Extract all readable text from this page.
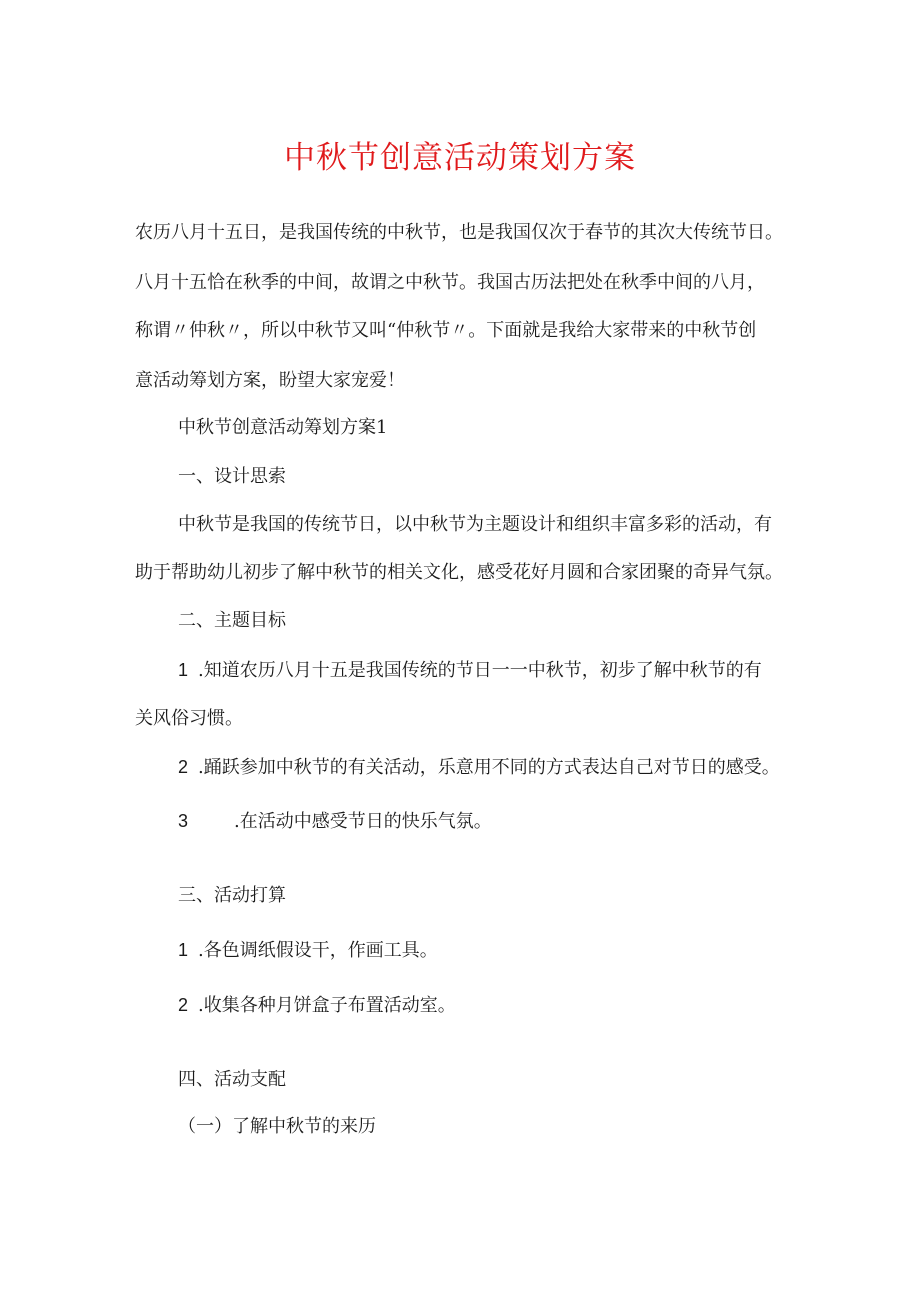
中秋节创意活动策划方案

农历八月十五日，是我国传统的中秋节，也是我国仅次于春节的其次大传统节日。

八月十五恰在秋季的中间，故谓之中秋节。我国古历法把处在秋季中间的八月，

称谓〃仲秋〃，所以中秋节又叫“仲秋节〃。下面就是我给大家带来的中秋节创

意活动筹划方案，盼望大家宠爱！

中秋节创意活动筹划方案1

一、设计思索

中秋节是我国的传统节日，以中秋节为主题设计和组织丰富多彩的活动，有

助于帮助幼儿初步了解中秋节的相关文化，感受花好月圆和合家团聚的奇异气氛。

二、主题目标

1 .知道农历八月十五是我国传统的节日一一中秋节，初步了解中秋节的有

关风俗习惯。

2 .踊跃参加中秋节的有关活动，乐意用不同的方式表达自己对节日的感受。

3	.在活动中感受节日的快乐气氛。

三、活动打算

1 .各色调纸假设干，作画工具。

2 .收集各种月饼盒子布置活动室。

四、活动支配

（一）了解中秋节的来历
